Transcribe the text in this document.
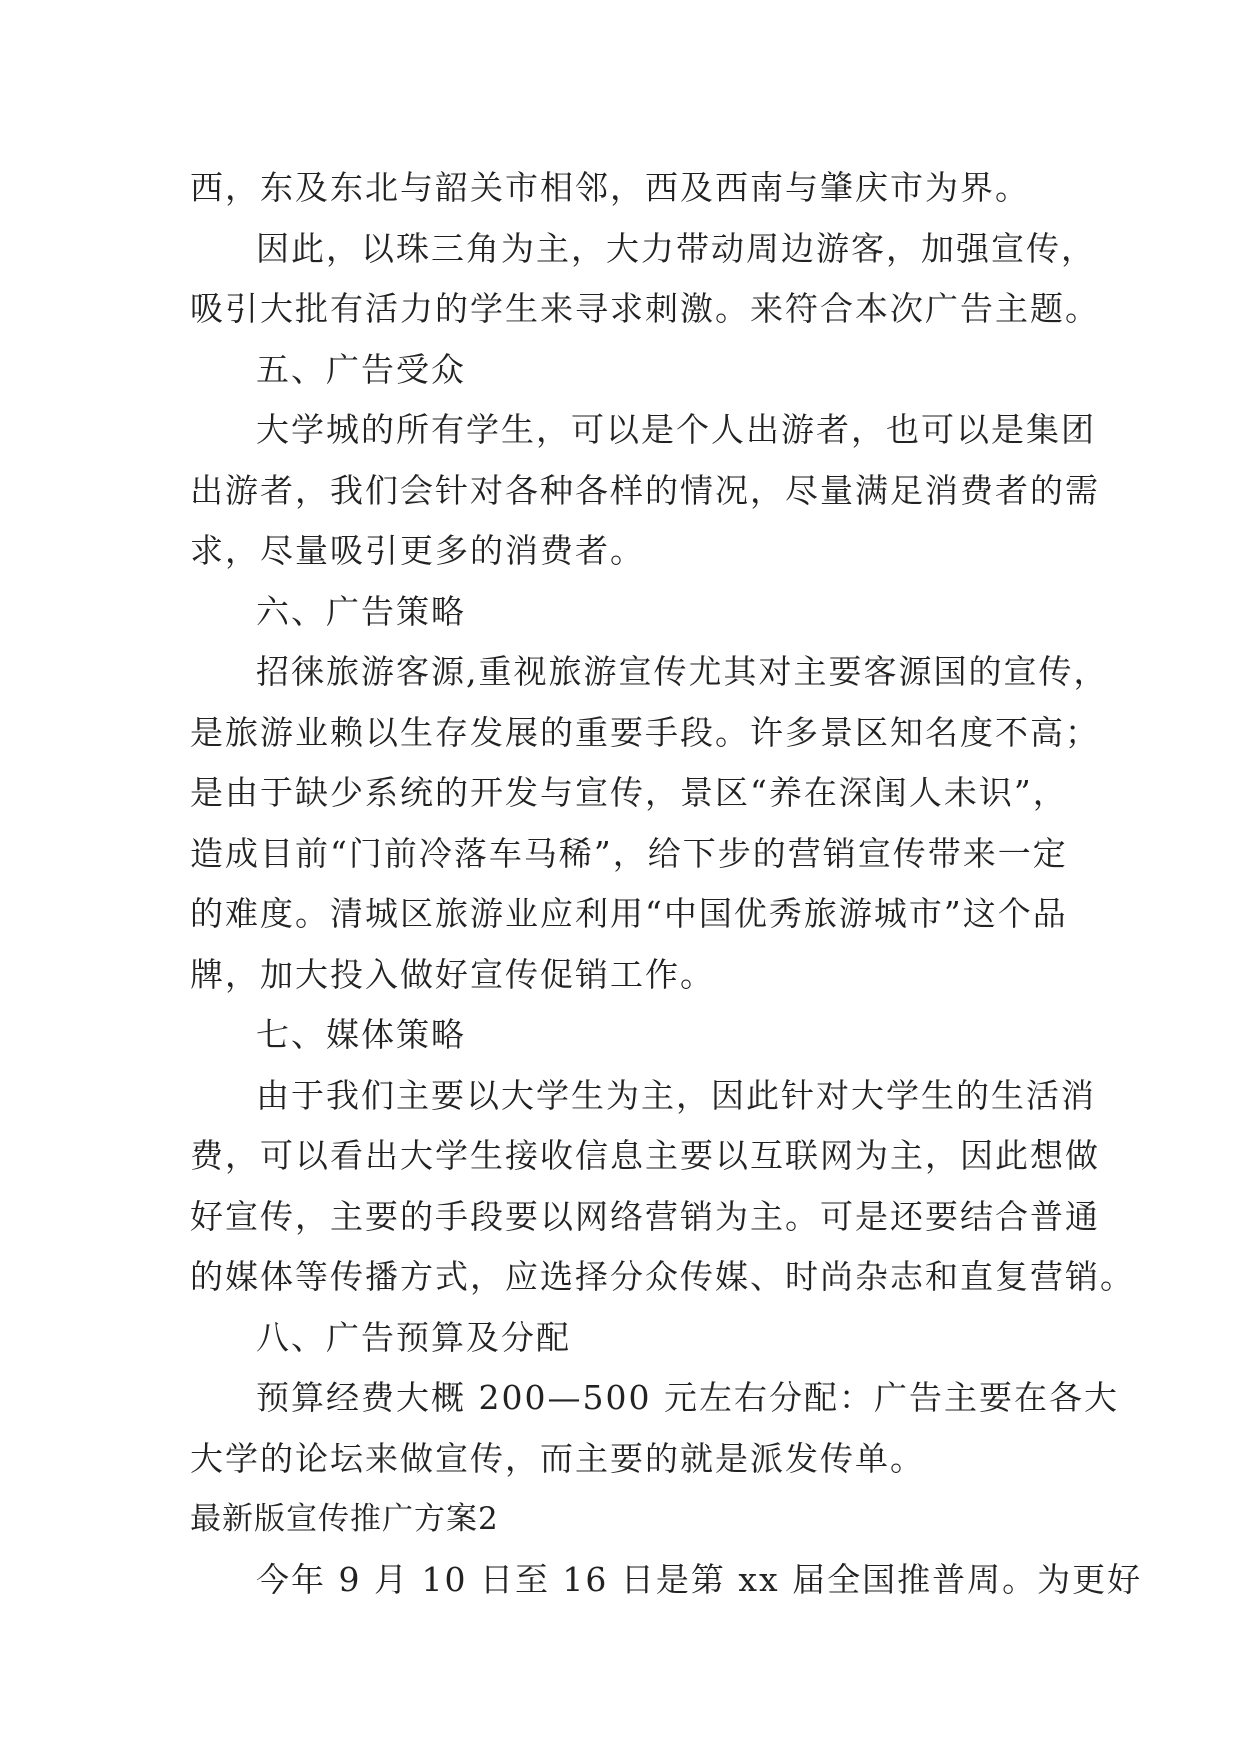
西，东及东北与韶关市相邻，西及西南与肇庆市为界。
因此，以珠三角为主，大力带动周边游客，加强宣传，
吸引大批有活力的学生来寻求刺激。来符合本次广告主题。
五、广告受众
大学城的所有学生，可以是个人出游者，也可以是集团
出游者，我们会针对各种各样的情况，尽量满足消费者的需
求，尽量吸引更多的消费者。
六、广告策略
招徕旅游客源,重视旅游宣传尤其对主要客源国的宣传，
是旅游业赖以生存发展的重要手段。许多景区知名度不高；
是由于缺少系统的开发与宣传，景区“养在深闺人未识”，
造成目前“门前冷落车马稀”，给下步的营销宣传带来一定
的难度。清城区旅游业应利用“中国优秀旅游城市”这个品
牌，加大投入做好宣传促销工作。
七、媒体策略
由于我们主要以大学生为主，因此针对大学生的生活消
费，可以看出大学生接收信息主要以互联网为主，因此想做
好宣传，主要的手段要以网络营销为主。可是还要结合普通
的媒体等传播方式，应选择分众传媒、时尚杂志和直复营销。
八、广告预算及分配
预算经费大概 200—500 元左右分配：广告主要在各大
大学的论坛来做宣传，而主要的就是派发传单。
最新版宣传推广方案2
今年 9 月 10 日至 16 日是第 xx 届全国推普周。为更好
